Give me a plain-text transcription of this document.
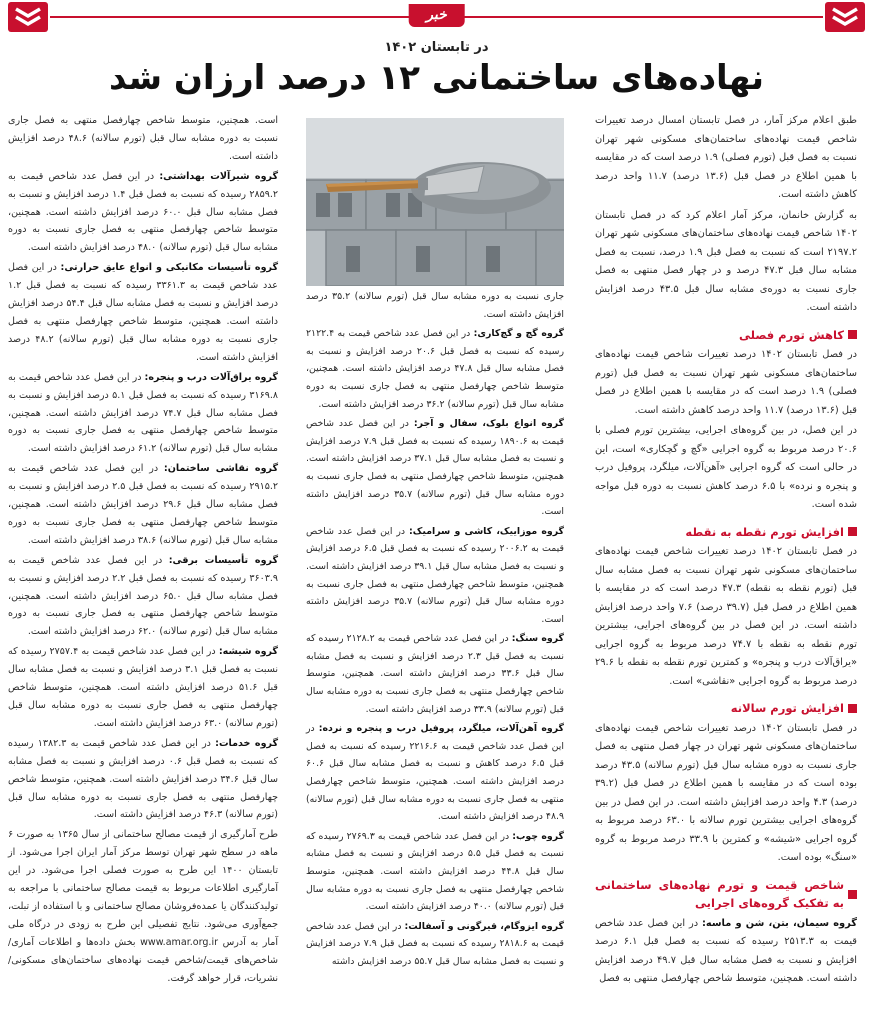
خبر
در تابستان ۱۴۰۲
نهاده‌های ساختمانی ۱۲ درصد ارزان شد

طبق اعلام مرکز آمار، در فصل تابستان امسال درصد تغییرات شاخص قیمت نهاده‌های ساختمان‌های مسکونی شهر تهران نسبت به فصل قبل (تورم فصلی) ۱.۹ درصد است که در مقایسه با همین اطلاع در فصل قبل (۱۳.۶ درصد) ۱۱.۷ واحد درصد کاهش داشته است.

به گزارش خانمان، مرکز آمار اعلام کرد که در فصل تابستان ۱۴۰۲ شاخص قیمت نهاده‌های ساختمان‌های مسکونی شهر تهران ۲۱۹۷.۲ است که نسبت به فصل قبل ۱.۹ درصد، نسبت به فصل مشابه سال قبل ۴۷.۳ درصد و در چهار فصل منتهی به فصل جاری نسبت به دوره‌ی مشابه سال قبل ۴۳.۵ درصد افزایش داشته است.

کاهش تورم فصلی

در فصل تابستان ۱۴۰۲ درصد تغییرات شاخص قیمت نهاده‌های ساختمان‌های مسکونی شهر تهران نسبت به فصل قبل (تورم فصلی) ۱.۹ درصد است که در مقایسه با همین اطلاع در فصل قبل (۱۳.۶ درصد) ۱۱.۷ واحد درصد کاهش داشته است.

در این فصل، در بین گروه‌های اجرایی، بیشترین تورم فصلی با ۲۰.۶ درصد مربوط به گروه اجرایی «گچ و گچکاری» است، این در حالی است که گروه اجرایی «آهن‌آلات، میلگرد، پروفیل درب و پنجره و نرده» با ۶.۵ درصد کاهش نسبت به دوره قبل مواجه شده است.

افزایش تورم نقطه به نقطه

در فصل تابستان ۱۴۰۲ درصد تغییرات شاخص قیمت نهاده‌های ساختمان‌های مسکونی شهر تهران نسبت به فصل مشابه سال قبل (تورم نقطه به نقطه) ۴۷.۳ درصد است که در مقایسه با همین اطلاع در فصل قبل (۳۹.۷ درصد) ۷.۶ واحد درصد افزایش داشته است. در این فصل در بین گروه‌های اجرایی، بیشترین تورم نقطه به نقطه با ۷۴.۷ درصد مربوط به گروه اجرایی «یراق‌آلات درب و پنجره» و کمترین تورم نقطه به نقطه با ۲۹.۶ درصد مربوط به گروه اجرایی «نقاشی» است.

افزایش تورم سالانه

در فصل تابستان ۱۴۰۲ درصد تغییرات شاخص قیمت نهاده‌های ساختمان‌های مسکونی شهر تهران در چهار فصل منتهی به فصل جاری نسبت به دوره مشابه سال قبل (تورم سالانه) ۴۳.۵ درصد بوده است که در مقایسه با همین اطلاع در فصل قبل (۳۹.۲ درصد) ۴.۳ واحد درصد افزایش داشته است. در این فصل در بین گروه‌های اجرایی بیشترین تورم سالانه با ۶۳.۰ درصد مربوط به گروه اجرایی «شیشه» و کمترین با ۳۳.۹ درصد مربوط به گروه «سنگ» بوده است.

شاخص قیمت و تورم نهاده‌های ساختمانی به تفکیک گروه‌های اجرایی

گروه سیمان، بتن، شن و ماسه: در این فصل عدد شاخص قیمت به ۲۵۱۳.۳ رسیده که نسبت به فصل قبل ۶.۱ درصد افزایش و نسبت به فصل مشابه سال قبل ۴۹.۷ درصد افزایش داشته است. همچنین، متوسط شاخص چهارفصل منتهی به فصل

جاری نسبت به دوره مشابه سال قبل (تورم سالانه) ۳۵.۲ درصد افزایش داشته است.

گروه گچ و گچ‌کاری: در این فصل عدد شاخص قیمت به ۲۱۲۲.۴ رسیده که نسبت به فصل قبل ۲۰.۶ درصد افزایش و نسبت به فصل مشابه سال قبل ۴۷.۸ درصد افزایش داشته است. همچنین، متوسط شاخص چهارفصل منتهی به فصل جاری نسبت به دوره مشابه سال قبل (تورم سالانه) ۳۶.۲ درصد افزایش داشته است.

گروه انواع بلوک، سفال و آجر: در این فصل عدد شاخص قیمت به ۱۸۹۰.۶ رسیده که نسبت به فصل قبل ۷.۹ درصد افزایش و نسبت به فصل مشابه سال قبل ۳۷.۱ درصد افزایش داشته است. همچنین، متوسط شاخص چهارفصل منتهی به فصل جاری نسبت به دوره مشابه سال قبل (تورم سالانه) ۳۵.۷ درصد افزایش داشته است.

گروه موزاییک، کاشی و سرامیک: در این فصل عدد شاخص قیمت به ۲۰۰۶.۲ رسیده که نسبت به فصل قبل ۶.۵ درصد افزایش و نسبت به فصل مشابه سال قبل ۳۹.۱ درصد افزایش داشته است. همچنین، متوسط شاخص چهارفصل منتهی به فصل جاری نسبت به دوره مشابه سال قبل (تورم سالانه) ۳۵.۷ درصد افزایش داشته است.

گروه سنگ: در این فصل عدد شاخص قیمت به ۲۱۲۸.۲ رسیده که نسبت به فصل قبل ۲.۳ درصد افزایش و نسبت به فصل مشابه سال قبل ۳۳.۶ درصد افزایش داشته است. همچنین، متوسط شاخص چهارفصل منتهی به فصل جاری نسبت به دوره مشابه سال قبل (تورم سالانه) ۳۳.۹ درصد افزایش داشته است.

گروه آهن‌آلات، میلگرد، پروفیل درب و پنجره و نرده: در این فصل عدد شاخص قیمت به ۲۲۱۶.۶ رسیده که نسبت به فصل قبل ۶.۵ درصد کاهش و نسبت به فصل مشابه سال قبل ۶۰.۶ درصد افزایش داشته است. همچنین، متوسط شاخص چهارفصل منتهی به فصل جاری نسبت به دوره مشابه سال قبل (تورم سالانه) ۴۸.۹ درصد افزایش داشته است.

گروه چوب: در این فصل عدد شاخص قیمت به ۲۷۶۹.۳ رسیده که نسبت به فصل قبل ۵.۵ درصد افزایش و نسبت به فصل مشابه سال قبل ۴۴.۸ درصد افزایش داشته است. همچنین، متوسط شاخص چهارفصل منتهی به فصل جاری نسبت به دوره مشابه سال قبل (تورم سالانه) ۴۰.۰ درصد افزایش داشته است.

گروه ایزوگام، قیرگونی و آسفالت: در این فصل عدد شاخص قیمت به ۲۸۱۸.۶ رسیده که نسبت به فصل قبل ۷.۹ درصد افزایش و نسبت به فصل مشابه سال قبل ۵۵.۷ درصد افزایش داشته

است. همچنین، متوسط شاخص چهارفصل منتهی به فصل جاری نسبت به دوره مشابه سال قبل (تورم سالانه) ۴۸.۶ درصد افزایش داشته است.

گروه شیرآلات بهداشتی: در این فصل عدد شاخص قیمت به ۲۸۵۹.۲ رسیده که نسبت به فصل قبل ۱.۴ درصد افزایش و نسبت به فصل مشابه سال قبل ۶۰.۰ درصد افزایش داشته است. همچنین، متوسط شاخص چهارفصل منتهی به فصل جاری نسبت به دوره مشابه سال قبل (تورم سالانه) ۴۸.۰ درصد افزایش داشته است.

گروه تأسیسات مکانیکی و انواع عایق حرارتی: در این فصل عدد شاخص قیمت به ۳۳۶۱.۳ رسیده که نسبت به فصل قبل ۱.۲ درصد افزایش و نسبت به فصل مشابه سال قبل ۵۴.۴ درصد افزایش داشته است. همچنین، متوسط شاخص چهارفصل منتهی به فصل جاری نسبت به دوره مشابه سال قبل (تورم سالانه) ۴۸.۲ درصد افزایش داشته است.

گروه یراق‌آلات درب و پنجره: در این فصل عدد شاخص قیمت به ۳۱۶۹.۸ رسیده که نسبت به فصل قبل ۵.۱ درصد افزایش و نسبت به فصل مشابه سال قبل ۷۴.۷ درصد افزایش داشته است. همچنین، متوسط شاخص چهارفصل منتهی به فصل جاری نسبت به دوره مشابه سال قبل (تورم سالانه) ۶۱.۲ درصد افزایش داشته است.

گروه نقاشی ساختمان: در این فصل عدد شاخص قیمت به ۲۹۱۵.۲ رسیده که نسبت به فصل قبل ۲.۵ درصد افزایش و نسبت به فصل مشابه سال قبل ۲۹.۶ درصد افزایش داشته است. همچنین، متوسط شاخص چهارفصل منتهی به فصل جاری نسبت به دوره مشابه سال قبل (تورم سالانه) ۳۸.۶ درصد افزایش داشته است.

گروه تأسیسات برقی: در این فصل عدد شاخص قیمت به ۳۶۰۳.۹ رسیده که نسبت به فصل قبل ۲.۲ درصد افزایش و نسبت به فصل مشابه سال قبل ۶۵.۰ درصد افزایش داشته است. همچنین، متوسط شاخص چهارفصل منتهی به فصل جاری نسبت به دوره مشابه سال قبل (تورم سالانه) ۶۲.۰ درصد افزایش داشته است.

گروه شیشه: در این فصل عدد شاخص قیمت به ۲۷۵۷.۴ رسیده که نسبت به فصل قبل ۳.۱ درصد افزایش و نسبت به فصل مشابه سال قبل ۵۱.۶ درصد افزایش داشته است. همچنین، متوسط شاخص چهارفصل منتهی به فصل جاری نسبت به دوره مشابه سال قبل (تورم سالانه) ۶۳.۰ درصد افزایش داشته است.

گروه خدمات: در این فصل عدد شاخص قیمت به ۱۳۸۲.۳ رسیده که نسبت به فصل قبل ۰.۶ درصد افزایش و نسبت به فصل مشابه سال قبل ۳۴.۶ درصد افزایش داشته است. همچنین، متوسط شاخص چهارفصل منتهی به فصل جاری نسبت به دوره مشابه سال قبل (تورم سالانه) ۴۶.۳ درصد افزایش داشته است.

طرح آمارگیری از قیمت مصالح ساختمانی از سال ۱۳۶۵ به صورت ۶ ماهه در سطح شهر تهران توسط مرکز آمار ایران اجرا می‌شود. از تابستان ۱۴۰۰ این طرح به صورت فصلی اجرا می‌شود. در این آمارگیری اطلاعات مربوط به قیمت مصالح ساختمانی با مراجعه به تولیدکنندگان یا عمده‌فروشان مصالح ساختمانی و با استفاده از تبلت، جمع‌آوری می‌شود. نتایج تفصیلی این طرح به زودی در درگاه ملی آمار به آدرس www.amar.org.ir بخش داده‌ها و اطلاعات آماری/شاخص‌های قیمت/شاخص قیمت نهاده‌های ساختمان‌های مسکونی/نشریات، قرار خواهد گرفت.
